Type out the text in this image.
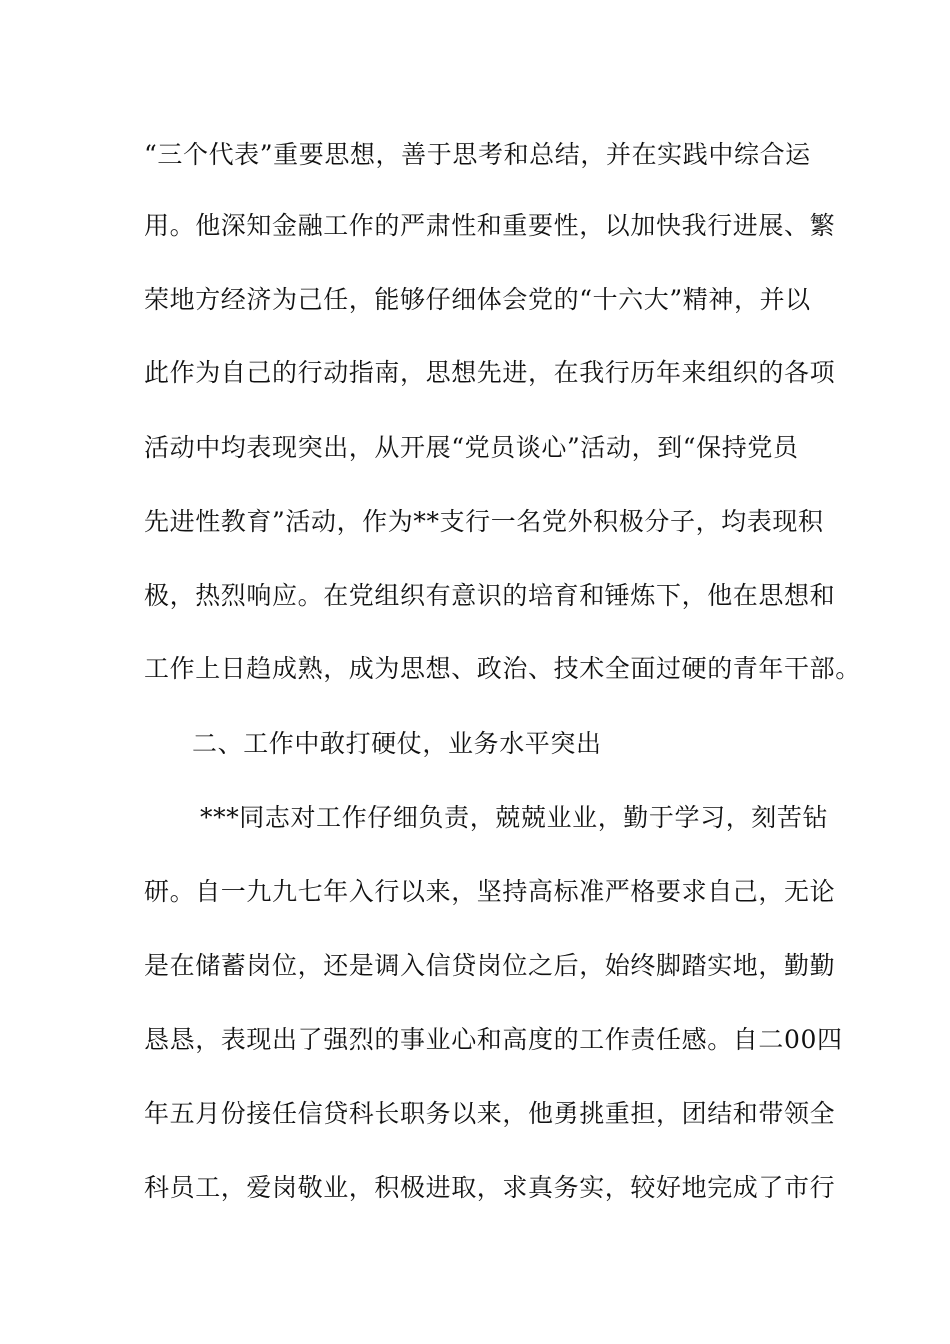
“三个代表”重要思想，善于思考和总结，并在实践中综合运
用。他深知金融工作的严肃性和重要性，以加快我行进展、繁
荣地方经济为己任，能够仔细体会党的“十六大”精神，并以
此作为自己的行动指南，思想先进，在我行历年来组织的各项
活动中均表现突出，从开展“党员谈心”活动，到“保持党员
先进性教育”活动，作为**支行一名党外积极分子，均表现积
极，热烈响应。在党组织有意识的培育和锤炼下，他在思想和
工作上日趋成熟，成为思想、政治、技术全面过硬的青年干部。
二、工作中敢打硬仗，业务水平突出
***同志对工作仔细负责，兢兢业业，勤于学习，刻苦钻
研。自一九九七年入行以来，坚持高标准严格要求自己，无论
是在储蓄岗位，还是调入信贷岗位之后，始终脚踏实地，勤勤
恳恳，表现出了强烈的事业心和高度的工作责任感。自二00四
年五月份接任信贷科长职务以来，他勇挑重担，团结和带领全
科员工，爱岗敬业，积极进取，求真务实，较好地完成了市行
